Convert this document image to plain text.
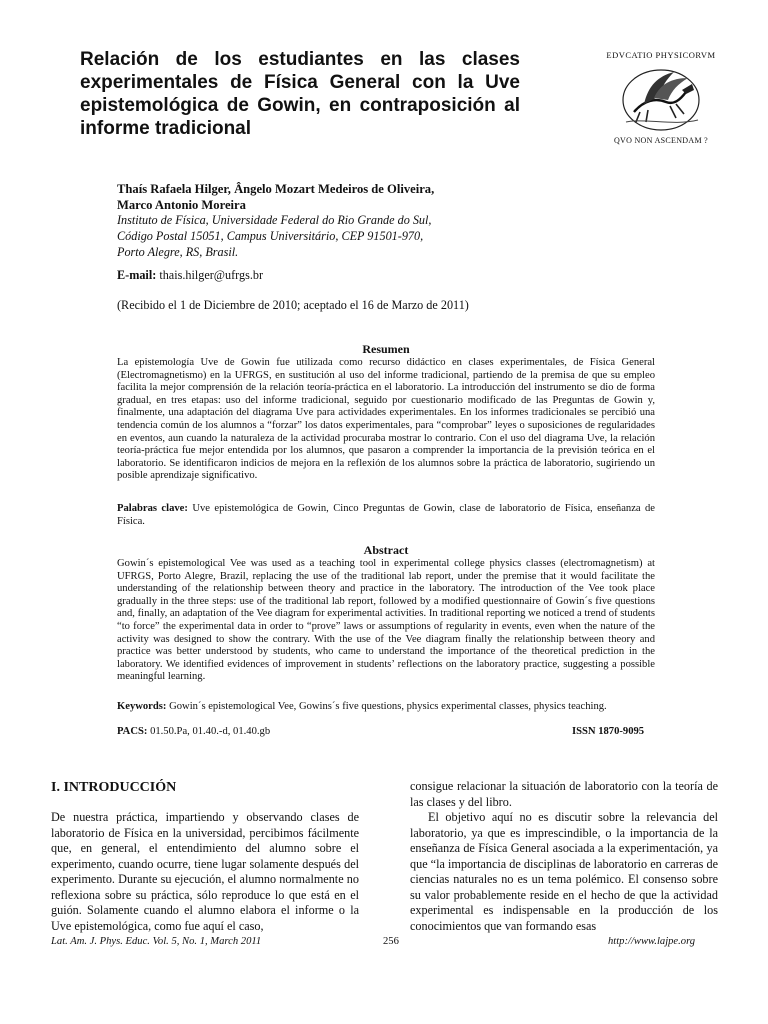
Relación de los estudiantes en las clases experimentales de Física General con la Uve epistemológica de Gowin, en contraposición al informe tradicional
EDVCATIO PHYSICORVM
QVO NON ASCENDAM ?

Thaís Rafaela Hilger, Ângelo Mozart Medeiros de Oliveira,
Marco Antonio Moreira

Instituto de Física, Universidade Federal do Rio Grande do Sul,
Código Postal 15051, Campus Universitário, CEP 91501-970,
Porto Alegre, RS, Brasil.

E-mail: thais.hilger@ufrgs.br

(Recibido el 1 de Diciembre de 2010; aceptado el 16 de Marzo de 2011)

Resumen

La epistemología Uve de Gowin fue utilizada como recurso didáctico en clases experimentales, de Física General (Electromagnetismo) en la UFRGS, en sustitución al uso del informe tradicional, partiendo de la premisa de que su empleo facilita la mejor comprensión de la relación teoría-práctica en el laboratorio. La introducción del instrumento se dio de forma gradual, en tres etapas: uso del informe tradicional, seguido por cuestionario modificado de las Preguntas de Gowin y, finalmente, una adaptación del diagrama Uve para actividades experimentales. En los informes tradicionales se percibió una tendencia común de los alumnos a “forzar” los datos experimentales, para “comprobar” leyes o suposiciones de regularidades en eventos, aun cuando la naturaleza de la actividad procuraba mostrar lo contrario. Con el uso del diagrama Uve, la relación teoría-práctica fue mejor entendida por los alumnos, que pasaron a comprender la importancia de la previsión teórica en el laboratorio. Se identificaron indicios de mejora en la reflexión de los alumnos sobre la práctica de laboratorio, sugiriendo un posible aprendizaje significativo.

Palabras clave: Uve epistemológica de Gowin, Cinco Preguntas de Gowin, clase de laboratorio de Física, enseñanza de Física.

Abstract

Gowin´s epistemological Vee was used as a teaching tool in experimental college physics classes (electromagnetism) at UFRGS, Porto Alegre, Brazil, replacing the use of the traditional lab report, under the premise that it would facilitate the understanding of the relationship between theory and practice in the laboratory. The introduction of the Vee took place gradually in the three steps: use of the traditional lab report, followed by a modified questionnaire of Gowin´s five questions and, finally, an adaptation of the Vee diagram for experimental activities. In traditional reporting we noticed a trend of students “to force” the experimental data in order to “prove” laws or assumptions of regularity in events, even when the nature of the activity was designed to show the contrary. With the use of the Vee diagram finally the relationship between theory and practice was better understood by students, who came to understand the importance of the theoretical prediction in the laboratory. We identified evidences of improvement in students’ reflections on the laboratory practice, suggesting a possible meaningful learning.

Keywords: Gowin´s epistemological Vee, Gowins´s five questions, physics experimental classes, physics teaching.

PACS: 01.50.Pa, 01.40.-d, 01.40.gb	ISSN 1870-9095

I. INTRODUCCIÓN

De nuestra práctica, impartiendo y observando clases de laboratorio de Física en la universidad, percibimos fácilmente que, en general, el entendimiento del alumno sobre el experimento, cuando ocurre, tiene lugar solamente después del experimento. Durante su ejecución, el alumno normalmente no reflexiona sobre su práctica, sólo reproduce lo que está en el guión. Solamente cuando el alumno elabora el informe o la Uve epistemológica, como fue aquí el caso,

consigue relacionar la situación de laboratorio con la teoría de las clases y del libro.

El objetivo aquí no es discutir sobre la relevancia del laboratorio, ya que es imprescindible, o la importancia de la enseñanza de Física General asociada a la experimentación, ya que “la importancia de disciplinas de laboratorio en carreras de ciencias naturales no es un tema polémico. El consenso sobre su valor probablemente reside en el hecho de que la actividad experimental es indispensable en la producción de los conocimientos que van formando esas

Lat. Am. J. Phys. Educ. Vol. 5, No. 1, March 2011	256	http://www.lajpe.org
